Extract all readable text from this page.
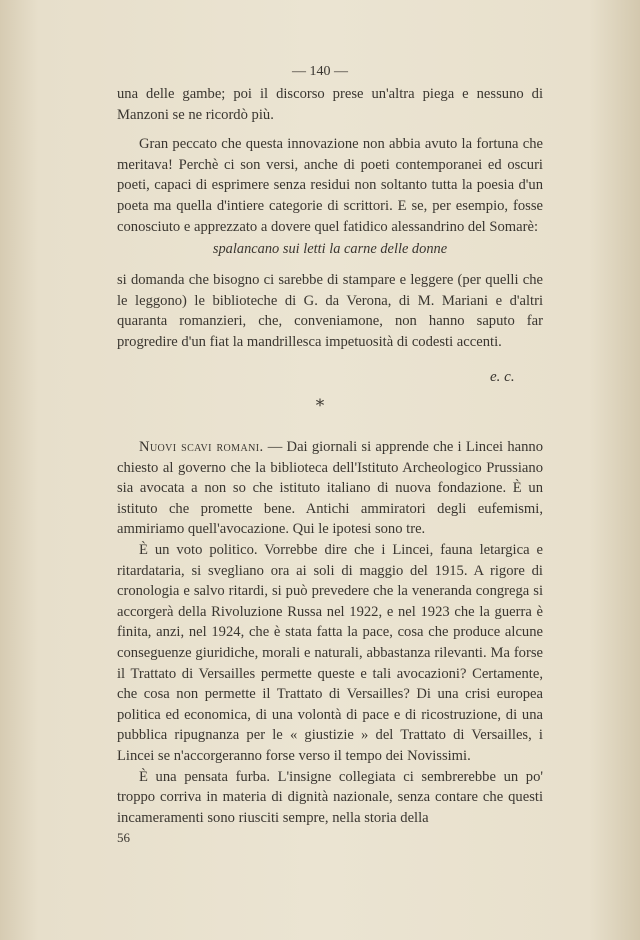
— 140 —

una delle gambe; poi il discorso prese un'altra piega e nessuno di Manzoni se ne ricordò più.

Gran peccato che questa innovazione non abbia avuto la fortuna che meritava! Perchè ci son versi, anche di poeti contemporanei ed oscuri poeti, capaci di esprimere senza residui non soltanto tutta la poesia d'un poeta ma quella d'intiere categorie di scrittori. E se, per esempio, fosse conosciuto e apprezzato a dovere quel fatidico alessandrino del Somarè:

spalancano sui letti la carne delle donne

si domanda che bisogno ci sarebbe di stampare e leggere (per quelli che le leggono) le biblioteche di G. da Verona, di M. Mariani e d'altri quaranta romanzieri, che, conveniamone, non hanno saputo far progredire d'un fiat la mandrillesca impetuosità di codesti accenti.

e. c.
*

Nuovi scavi romani. — Dai giornali si apprende che i Lincei hanno chiesto al governo che la biblioteca dell'Istituto Archeologico Prussiano sia avocata a non so che istituto italiano di nuova fondazione. È un istituto che promette bene. Antichi ammiratori degli eufemismi, ammiriamo quell'avocazione. Qui le ipotesi sono tre.

È un voto politico. Vorrebbe dire che i Lincei, fauna letargica e ritardataria, si svegliano ora ai soli di maggio del 1915. A rigore di cronologia e salvo ritardi, si può prevedere che la veneranda congrega si accorgerà della Rivoluzione Russa nel 1922, e nel 1923 che la guerra è finita, anzi, nel 1924, che è stata fatta la pace, cosa che produce alcune conseguenze giuridiche, morali e naturali, abbastanza rilevanti. Ma forse il Trattato di Versailles permette queste e tali avocazioni? Certamente, che cosa non permette il Trattato di Versailles? Di una crisi europea politica ed economica, di una volontà di pace e di ricostruzione, di una pubblica ripugnanza per le « giustizie » del Trattato di Versailles, i Lincei se n'accorgeranno forse verso il tempo dei Novissimi.

È una pensata furba. L'insigne collegiata ci sembrerebbe un po' troppo corriva in materia di dignità nazionale, senza contare che questi incameramenti sono riusciti sempre, nella storia della

56
